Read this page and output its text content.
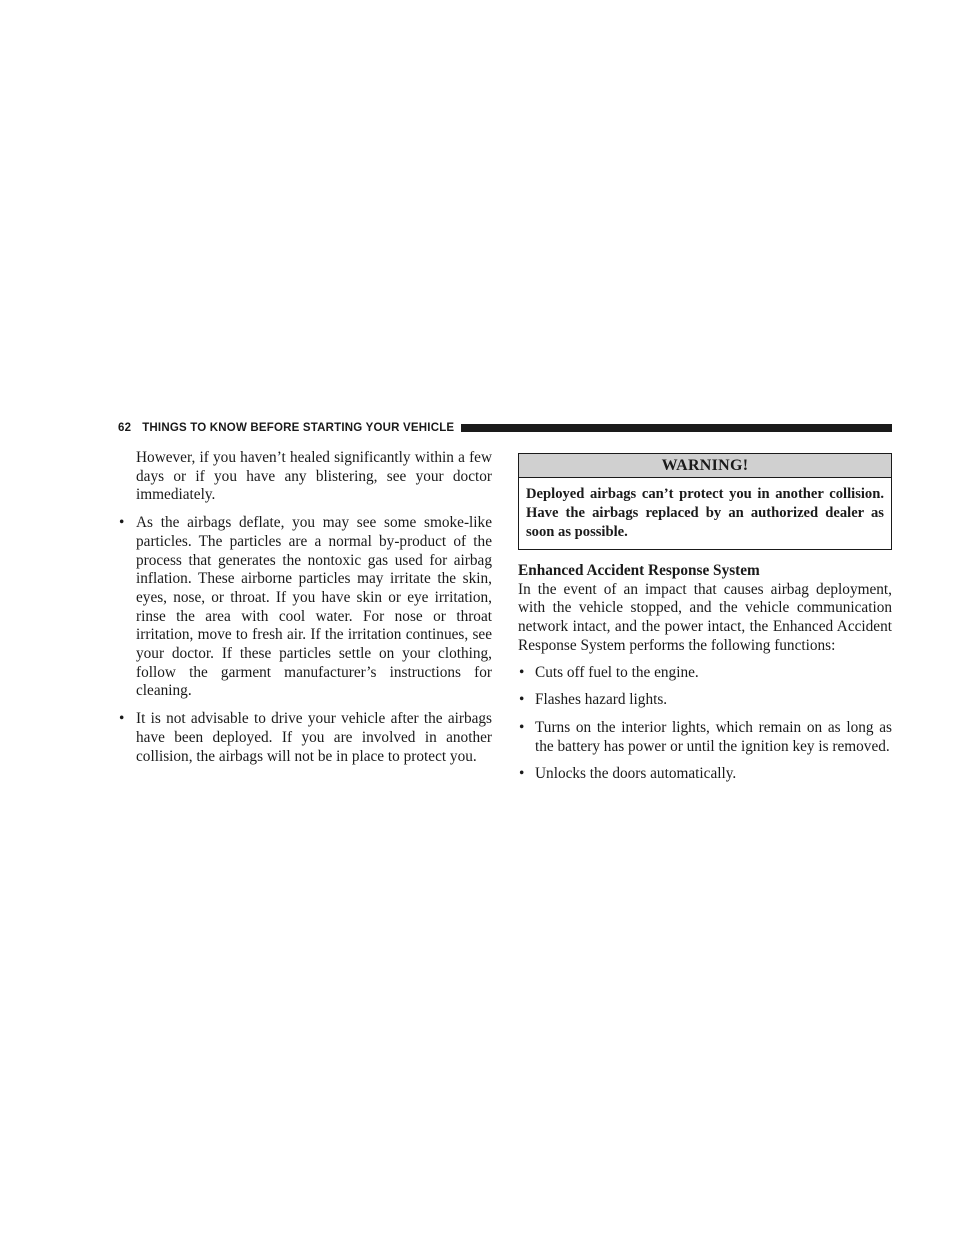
62 THINGS TO KNOW BEFORE STARTING YOUR VEHICLE

However, if you haven’t healed significantly within a few days or if you have any blistering, see your doctor immediately.

• As the airbags deflate, you may see some smoke-like particles. The particles are a normal by-product of the process that generates the nontoxic gas used for airbag inflation. These airborne particles may irritate the skin, eyes, nose, or throat. If you have skin or eye irritation, rinse the area with cool water. For nose or throat irritation, move to fresh air. If the irritation continues, see your doctor. If these particles settle on your clothing, follow the garment manufacturer’s instructions for cleaning.
• It is not advisable to drive your vehicle after the airbags have been deployed. If you are involved in another collision, the airbags will not be in place to protect you.
WARNING!
Deployed airbags can’t protect you in another collision. Have the airbags replaced by an authorized dealer as soon as possible.

Enhanced Accident Response System

In the event of an impact that causes airbag deployment, with the vehicle stopped, and the vehicle communication network intact, and the power intact, the Enhanced Accident Response System performs the following functions:

• Cuts off fuel to the engine.
• Flashes hazard lights.
• Turns on the interior lights, which remain on as long as the battery has power or until the ignition key is removed.
• Unlocks the doors automatically.
